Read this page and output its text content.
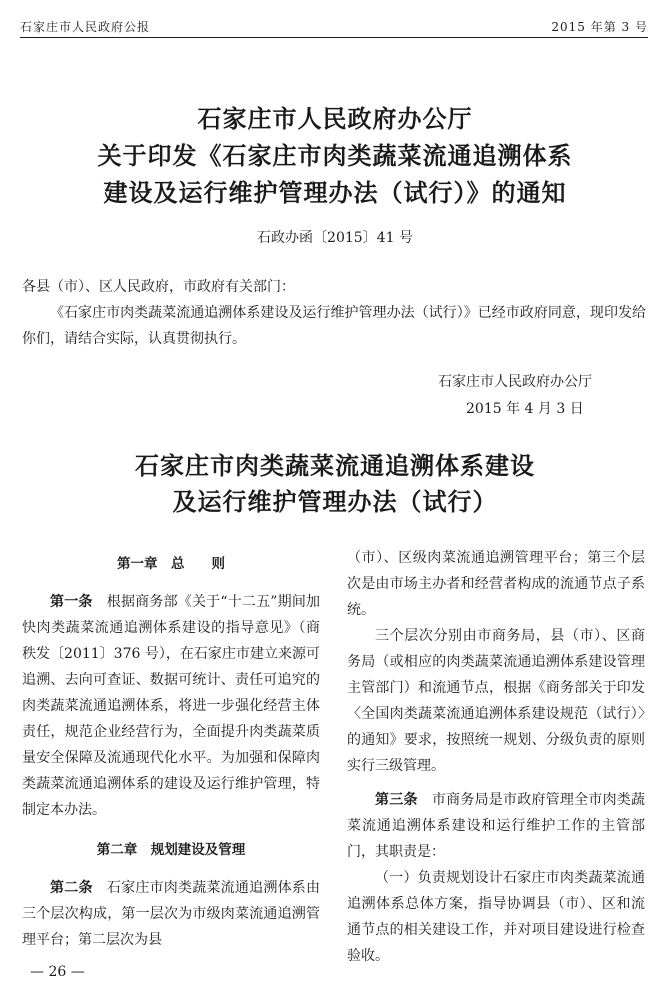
石家庄市人民政府公报	2015 年第 3 号
石家庄市人民政府办公厅
关于印发《石家庄市肉类蔬菜流通追溯体系
建设及运行维护管理办法（试行）》的通知
石政办函〔2015〕41 号
各县（市）、区人民政府，市政府有关部门：
《石家庄市肉类蔬菜流通追溯体系建设及运行维护管理办法（试行）》已经市政府同意，现印发给你们，请结合实际，认真贯彻执行。
石家庄市人民政府办公厅
2015 年 4 月 3 日
石家庄市肉类蔬菜流通追溯体系建设
及运行维护管理办法（试行）
第一章　总　　则

第一条　 根据商务部《关于“十二五”期间加快肉类蔬菜流通追溯体系建设的指导意见》（商秩发〔2011〕376 号），在石家庄市建立来源可追溯、去向可查证、数据可统计、责任可追究的肉类蔬菜流通追溯体系，将进一步强化经营主体责任，规范企业经营行为，全面提升肉类蔬菜质量安全保障及流通现代化水平。为加强和保障肉类蔬菜流通追溯体系的建设及运行维护管理，特制定本办法。

第二章　规划建设及管理

第二条　 石家庄市肉类蔬菜流通追溯体系由三个层次构成，第一层次为市级肉菜流通追溯管理平台；第二层次为县

（市）、区级肉菜流通追溯管理平台；第三个层次是由市场主办者和经营者构成的流通节点子系统。

三个层次分别由市商务局，县（市）、区商务局（或相应的肉类蔬菜流通追溯体系建设管理主管部门）和流通节点，根据《商务部关于印发〈全国肉类蔬菜流通追溯体系建设规范（试行）〉的通知》要求，按照统一规划、分级负责的原则实行三级管理。

第三条　 市商务局是市政府管理全市肉类蔬菜流通追溯体系建设和运行维护工作的主管部门，其职责是：

（一）负责规划设计石家庄市肉类蔬菜流通追溯体系总体方案，指导协调县（市）、区和流通节点的相关建设工作，并对项目建设进行检查验收。

— 26 —
